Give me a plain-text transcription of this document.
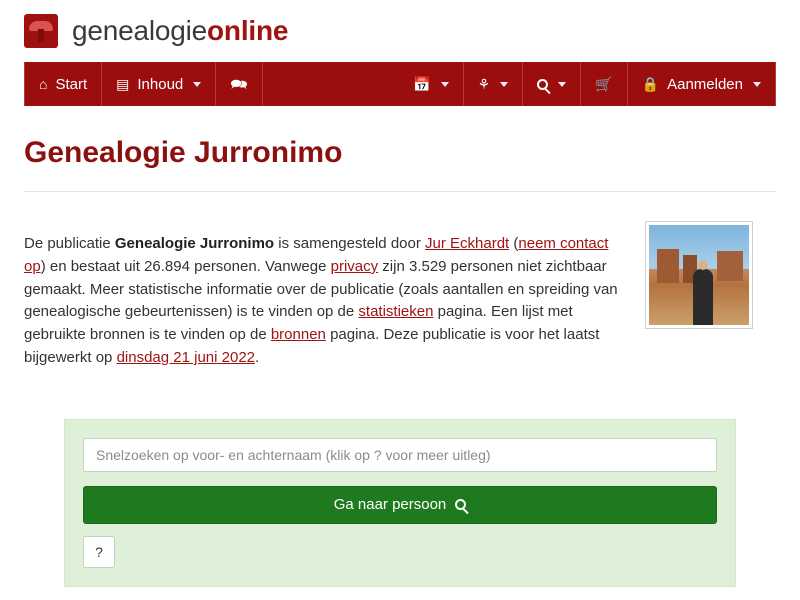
genealogieonline
⌂ Start ▤ Inhoud	🗪	📅	⚘	🛒 🔒 Aanmelden
Genealogie Jurronimo

De publicatie Genealogie Jurronimo is samengesteld door Jur Eckhardt (neem contact op) en bestaat uit 26.894 personen. Vanwege privacy zijn 3.529 personen niet zichtbaar gemaakt. Meer statistische informatie over de publicatie (zoals aantallen en spreiding van genealogische gebeurtenissen) is te vinden op de statistieken pagina. Een lijst met gebruikte bronnen is te vinden op de bronnen pagina. Deze publicatie is voor het laatst bijgewerkt op dinsdag 21 juni 2022.

Snelzoeken op voor- en achternaam (klik op ? voor meer uitleg)
Ga naar persoon
?
